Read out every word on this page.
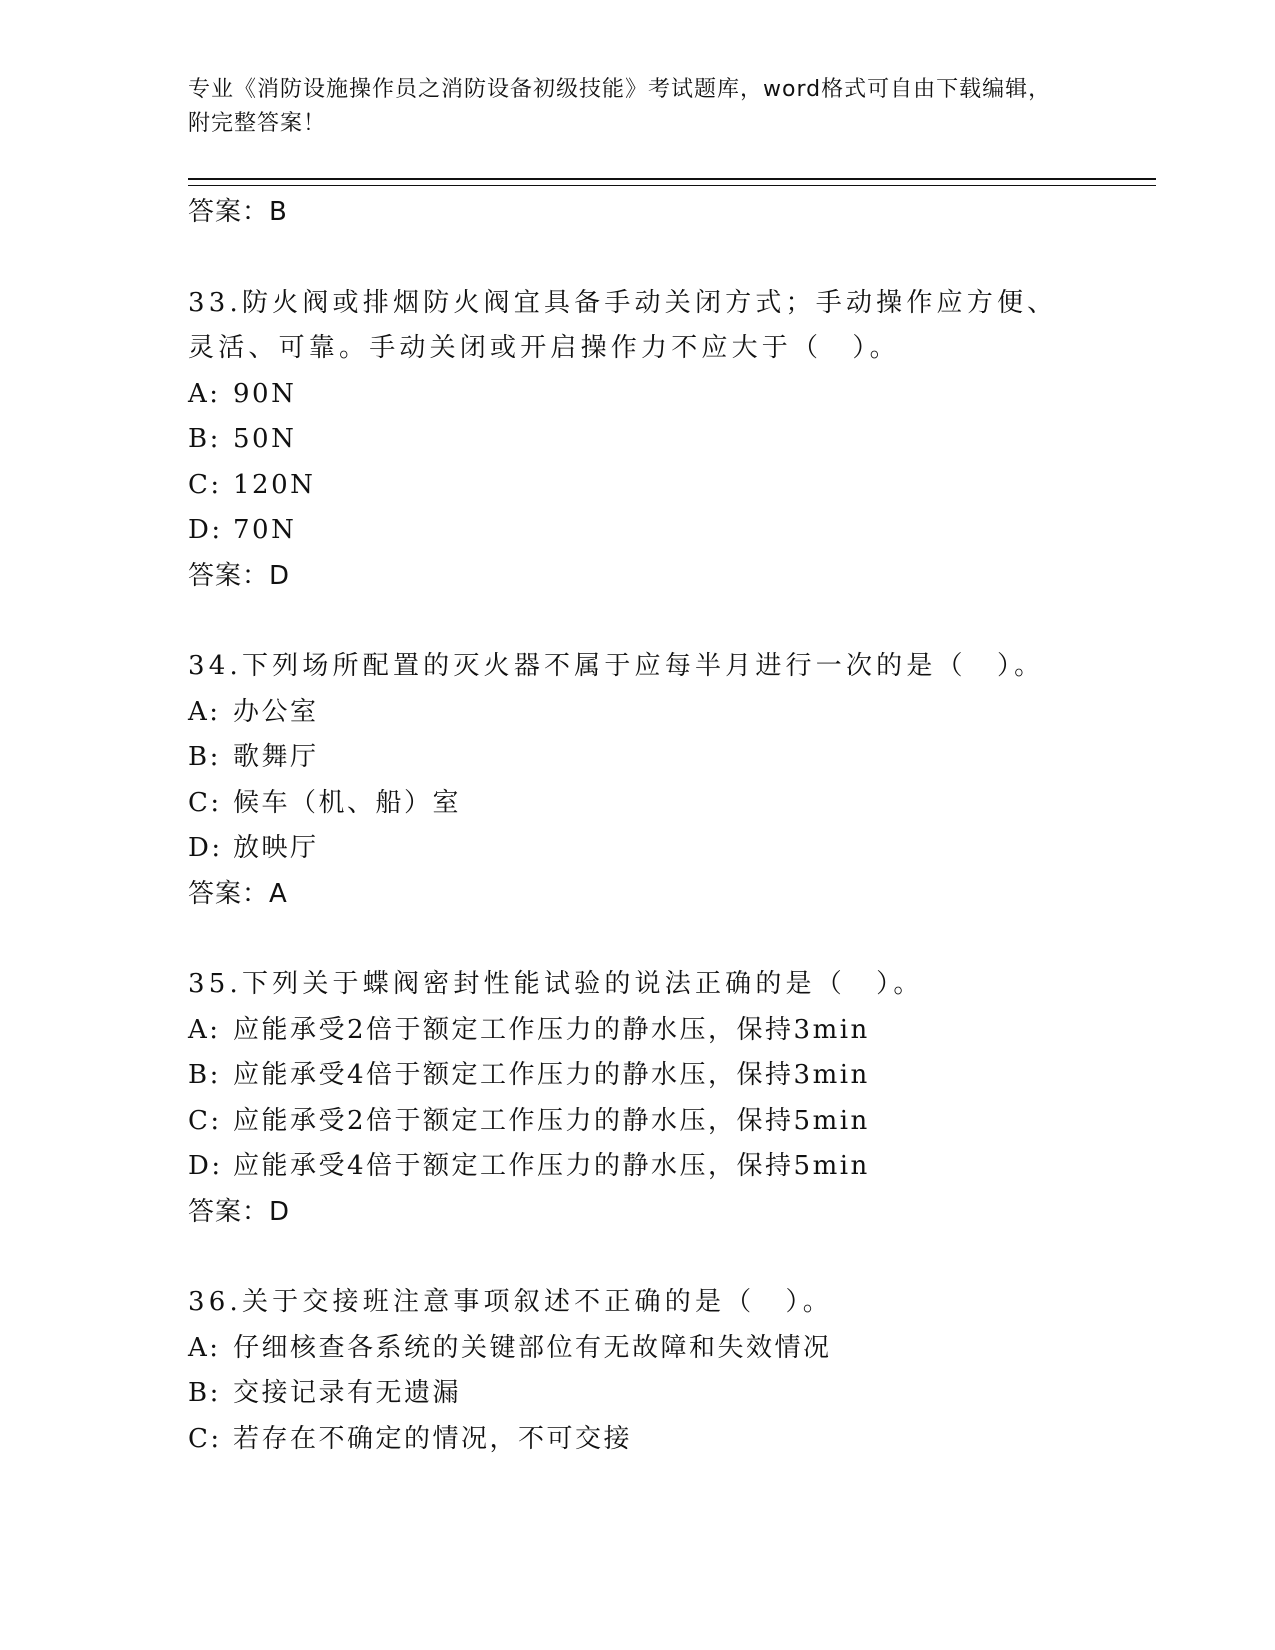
专业《消防设施操作员之消防设备初级技能》考试题库，word格式可自由下载编辑，附完整答案！
答案：B
33.防火阀或排烟防火阀宜具备手动关闭方式；手动操作应方便、灵活、可靠。手动关闭或开启操作力不应大于（　）。
A: 90N
B: 50N
C: 120N
D: 70N
答案：D
34.下列场所配置的灭火器不属于应每半月进行一次的是（　）。
A: 办公室
B: 歌舞厅
C: 候车（机、船）室
D: 放映厅
答案：A
35.下列关于蝶阀密封性能试验的说法正确的是（　）。
A: 应能承受2倍于额定工作压力的静水压，保持3min
B: 应能承受4倍于额定工作压力的静水压，保持3min
C: 应能承受2倍于额定工作压力的静水压，保持5min
D: 应能承受4倍于额定工作压力的静水压，保持5min
答案：D
36.关于交接班注意事项叙述不正确的是（　）。
A: 仔细核查各系统的关键部位有无故障和失效情况
B: 交接记录有无遗漏
C: 若存在不确定的情况，不可交接
